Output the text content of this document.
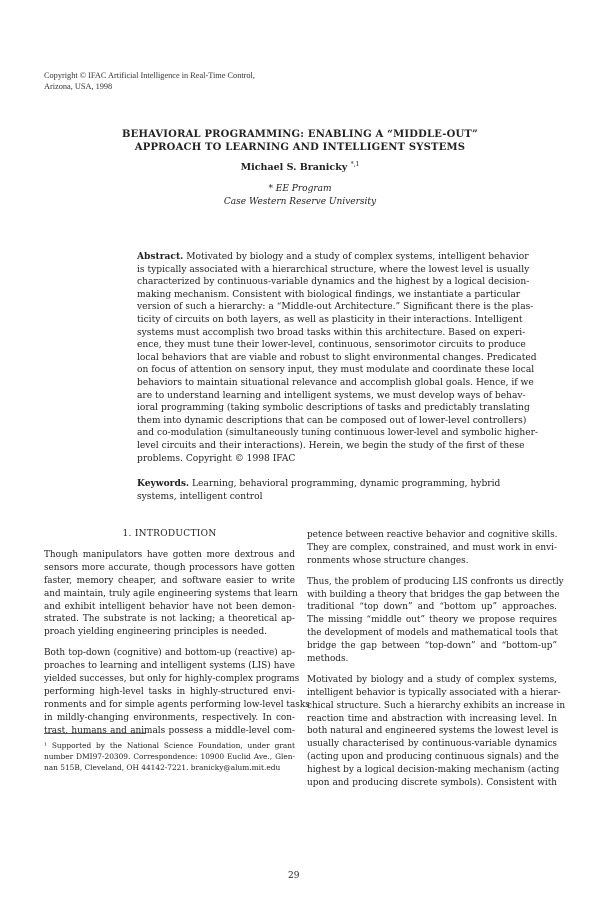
Copyright © IFAC Artificial Intelligence in Real-Time Control,
Arizona, USA, 1998
BEHAVIORAL PROGRAMMING: ENABLING A “MIDDLE-OUT”
APPROACH TO LEARNING AND INTELLIGENT SYSTEMS
Michael S. Branicky $^{*,1}$
* EE Program
Case Western Reserve University
Abstract. Motivated by biology and a study of complex systems, intelligent behavior
is typically associated with a hierarchical structure, where the lowest level is usually
characterized by continuous-variable dynamics and the highest by a logical decision-
making mechanism. Consistent with biological findings, we instantiate a particular
version of such a hierarchy: a “Middle-out Architecture.” Significant there is the plas-
ticity of circuits on both layers, as well as plasticity in their interactions. Intelligent
systems must accomplish two broad tasks within this architecture. Based on experi-
ence, they must tune their lower-level, continuous, sensorimotor circuits to produce
local behaviors that are viable and robust to slight environmental changes. Predicated
on focus of attention on sensory input, they must modulate and coordinate these local
behaviors to maintain situational relevance and accomplish global goals. Hence, if we
are to understand learning and intelligent systems, we must develop ways of behav-
ioral programming (taking symbolic descriptions of tasks and predictably translating
them into dynamic descriptions that can be composed out of lower-level controllers)
and co-modulation (simultaneously tuning continuous lower-level and symbolic higher-
level circuits and their interactions). Herein, we begin the study of the first of these
problems. Copyright © 1998 IFAC
Keywords. Learning, behavioral programming, dynamic programming, hybrid
systems, intelligent control
1. INTRODUCTION
Though manipulators have gotten more dextrous and
sensors more accurate, though processors have gotten
faster, memory cheaper, and software easier to write
and maintain, truly agile engineering systems that learn
and exhibit intelligent behavior have not been demon-
strated. The substrate is not lacking; a theoretical ap-
proach yielding engineering principles is needed.
Both top-down (cognitive) and bottom-up (reactive) ap-
proaches to learning and intelligent systems (LIS) have
yielded successes, but only for highly-complex programs
performing high-level tasks in highly-structured envi-
ronments and for simple agents performing low-level tasks
in mildly-changing environments, respectively. In con-
trast, humans and animals possess a middle-level com-
petence between reactive behavior and cognitive skills.
They are complex, constrained, and must work in envi-
ronments whose structure changes.
Thus, the problem of producing LIS confronts us directly
with building a theory that bridges the gap between the
traditional “top down” and “bottom up” approaches.
The missing “middle out” theory we propose requires
the development of models and mathematical tools that
bridge the gap between “top-down” and “bottom-up”
methods.
Motivated by biology and a study of complex systems,
intelligent behavior is typically associated with a hierar-
chical structure. Such a hierarchy exhibits an increase in
reaction time and abstraction with increasing level. In
both natural and engineered systems the lowest level is
usually characterised by continuous-variable dynamics
(acting upon and producing continuous signals) and the
highest by a logical decision-making mechanism (acting
upon and producing discrete symbols). Consistent with
¹ Supported by the National Science Foundation, under grant
number DMI97-20309. Correspondence: 10900 Euclid Ave., Glen-
nan 515B, Cleveland, OH 44142-7221. branicky@alum.mit.edu
29
